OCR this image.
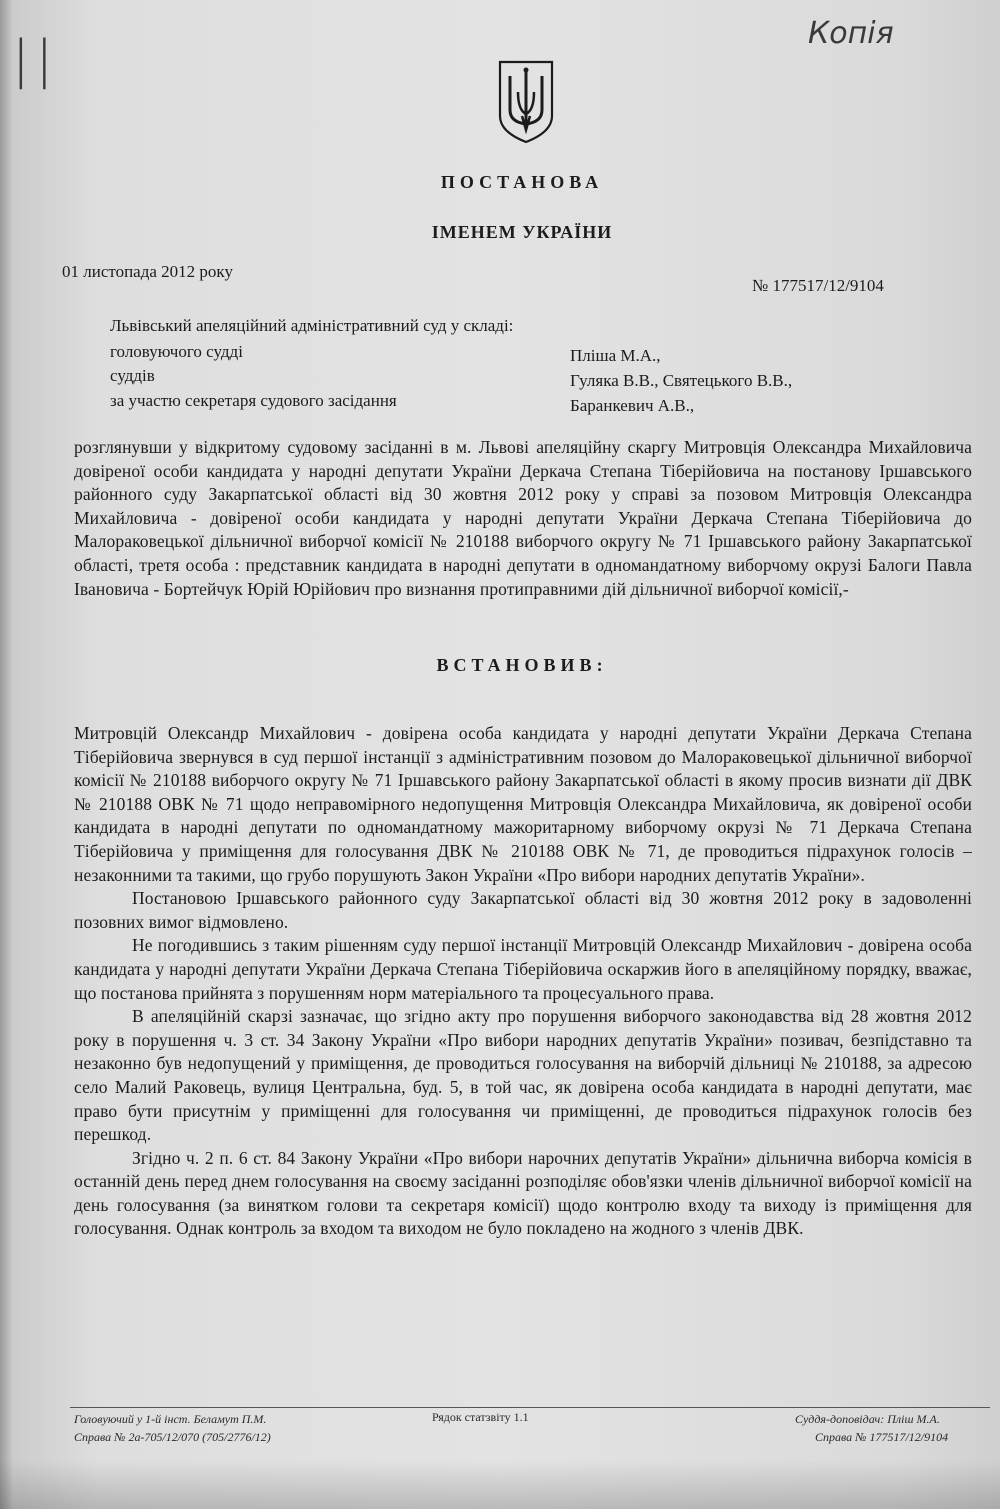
||	Копія
ПОСТАНОВА
ІМЕНЕМ УКРАЇНИ
01 листопада 2012 року
№ 177517/12/9104
Львівський апеляційний адміністративний суд у складі:
головуючого судді	Пліша М.А.,
суддів	Гуляка В.В., Святецького В.В.,
за участю секретаря судового засідання	Баранкевич А.В.,

розглянувши у відкритому судовому засіданні в м. Львові апеляційну скаргу Митровція Олександра Михайловича довіреної особи кандидата у народні депутати України Деркача Степана Тіберійовича на постанову Іршавського районного суду Закарпатської області від 30 жовтня 2012 року у справі за позовом Митровція Олександра Михайловича - довіреної особи кандидата у народні депутати України Деркача Степана Тіберійовича до Малораковецької дільничної виборчої комісії № 210188 виборчого округу № 71 Іршавського району Закарпатської області, третя особа : представник кандидата в народні депутати в одномандатному виборчому окрузі Балоги Павла Івановича - Бортейчук Юрій Юрійович про визнання протиправними дій дільничної виборчої комісії,-

ВСТАНОВИВ:

Митровцій Олександр Михайлович - довірена особа кандидата у народні депутати України Деркача Степана Тіберійовича звернувся в суд першої інстанції з адміністративним позовом до Малораковецької дільничної виборчої комісії № 210188 виборчого округу № 71 Іршавського району Закарпатської області в якому просив визнати дії ДВК № 210188 ОВК № 71 щодо неправомірного недопущення Митровція Олександра Михайловича, як довіреної особи кандидата в народні депутати по одномандатному мажоритарному виборчому окрузі № 71 Деркача Степана Тіберійовича у приміщення для голосування ДВК № 210188 ОВК № 71, де проводиться підрахунок голосів – незаконними та такими, що грубо порушують Закон України «Про вибори народних депутатів України».

Постановою Іршавського районного суду Закарпатської області від 30 жовтня 2012 року в задоволенні позовних вимог відмовлено.

Не погодившись з таким рішенням суду першої інстанції Митровцій Олександр Михайлович - довірена особа кандидата у народні депутати України Деркача Степана Тіберійовича оскаржив його в апеляційному порядку, вважає, що постанова прийнята з порушенням норм матеріального та процесуального права.

В апеляційній скарзі зазначає, що згідно акту про порушення виборчого законодавства від 28 жовтня 2012 року в порушення ч. 3 ст. 34 Закону України «Про вибори народних депутатів України» позивач, безпідставно та незаконно був недопущений у приміщення, де проводиться голосування на виборчій дільниці № 210188, за адресою село Малий Раковець, вулиця Центральна, буд. 5, в той час, як довірена особа кандидата в народні депутати, має право бути присутнім у приміщенні для голосування чи приміщенні, де проводиться підрахунок голосів без перешкод.

Згідно ч. 2 п. 6 ст. 84 Закону України «Про вибори нарочних депутатів України» дільнична виборча комісія в останній день перед днем голосування на своєму засіданні розподіляє обов'язки членів дільничної виборчої комісії на день голосування (за винятком голови та секретаря комісії) щодо контролю входу та виходу із приміщення для голосування. Однак контроль за входом та виходом не було покладено на жодного з членів ДВК.

Головуючий у 1-й інст. Беламут П.М.
Справа № 2а-705/12/070 (705/2776/12)
Рядок статзвіту 1.1	Суддя-доповідач: Пліш М.А.
Справа № 177517/12/9104
